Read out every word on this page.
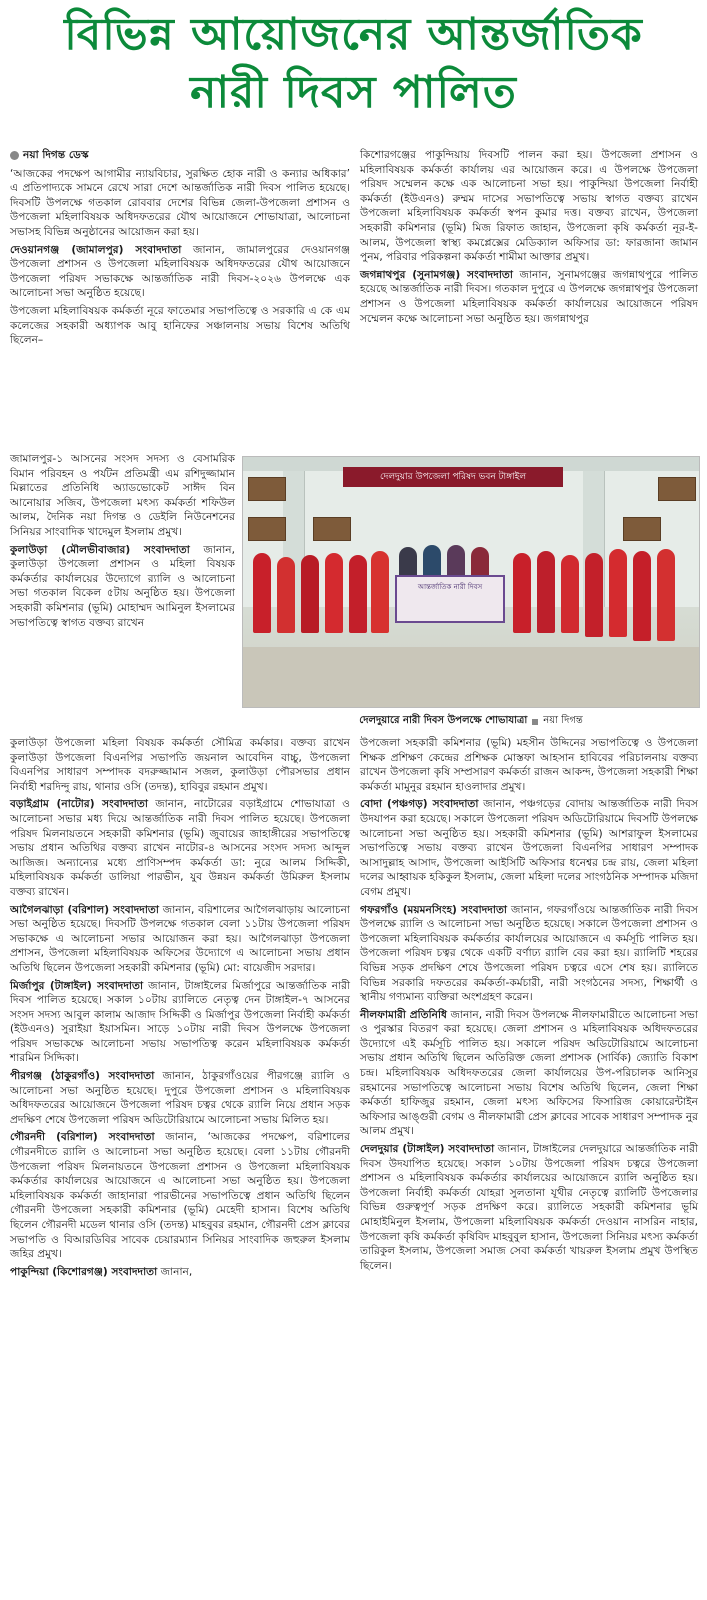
বিভিন্ন আয়োজনের আন্তর্জাতিক
নারী দিবস পালিত
নয়া দিগন্ত ডেস্ক

‘আজকের পদক্ষেপ আগামীর ন্যায়বিচার, সুরক্ষিত হোক নারী ও কন্যার অধিকার’ এ প্রতিপাদ্যকে সামনে রেখে সারা দেশে আন্তর্জাতিক নারী দিবস পালিত হয়েছে। দিবসটি উপলক্ষে গতকাল রোববার দেশের বিভিন্ন জেলা-উপজেলা প্রশাসন ও উপজেলা মহিলাবিষয়ক অধিদফতরের যৌথ আয়োজনে শোভাযাত্রা, আলোচনা সভাসহ বিভিন্ন অনুষ্ঠানের আয়োজন করা হয়।

দেওয়ানগঞ্জ (জামালপুর) সংবাদদাতা জানান, জামালপুরের দেওয়ানগঞ্জ উপজেলা প্রশাসন ও উপজেলা মহিলাবিষয়ক অধিদফতরের যৌথ আয়োজনে উপজেলা পরিষদ সভাকক্ষে আন্তর্জাতিক নারী দিবস-২০২৬ উপলক্ষে এক আলোচনা সভা অনুষ্ঠিত হয়েছে।

উপজেলা মহিলাবিষয়ক কর্মকর্তা নূরে ফাতেমার সভাপতিত্বে ও সরকারি এ কে এম কলেজের সহকারী অধ্যাপক আবু হানিফের সঞ্চালনায় সভায় বিশেষ অতিথি ছিলেন–

জামালপুর-১ আসনের সংসদ সদস্য ও বেসামরিক বিমান পরিবহন ও পর্যটন প্রতিমন্ত্রী এম রশিদুজ্জামান মিল্লাতের প্রতিনিধি অ্যাডভোকেট সাঈদ বিন আনোয়ার সজিব, উপজেলা মৎস্য কর্মকর্তা শফিউল আলম, দৈনিক নয়া দিগন্ত ও ডেইলি নিউনেশনের সিনিয়র সাংবাদিক খাদেমুল ইসলাম প্রমুখ।

কুলাউড়া (মৌলভীবাজার) সংবাদদাতা জানান, কুলাউড়া উপজেলা প্রশাসন ও মহিলা বিষয়ক কর্মকর্তার কার্যালয়ের উদ্যোগে র‌্যালি ও আলোচনা সভা গতকাল বিকেল ৫টায় অনুষ্ঠিত হয়। উপজেলা সহকারী কমিশনার (ভূমি) মোহাম্মদ আমিনুল ইসলামের সভাপতিত্বে স্বাগত বক্তব্য রাখেন

দেলদুয়ার উপজেলা পরিষদ ভবন টাঙ্গাইল
আন্তর্জাতিক নারী দিবস
দেলদুয়ারে নারী দিবস উপলক্ষে শোভাযাত্রা নয়া দিগন্ত

কুলাউড়া উপজেলা মহিলা বিষয়ক কর্মকর্তা সৌমিত্র কর্মকার। বক্তব্য রাখেন কুলাউড়া উপজেলা বিএনপির সভাপতি জয়নাল আবেদিন বাচ্চু, উপজেলা বিএনপির সাধারণ সম্পাদক বদরুজ্জামান সজল, কুলাউড়া পৌরসভার প্রধান নির্বাহী শরদিন্দু রায়, থানার ওসি (তদন্ত), হাবিবুর রহমান প্রমুখ।

বড়াইগ্রাম (নাটোর) সংবাদদাতা জানান, নাটোরের বড়াইগ্রামে শোভাযাত্রা ও আলোচনা সভার মধ্য দিয়ে আন্তর্জাতিক নারী দিবস পালিত হয়েছে। উপজেলা পরিষদ মিলনায়তনে সহকারী কমিশনার (ভূমি) জুবায়ের জাহাঙ্গীরের সভাপতিত্বে সভায় প্রধান অতিথির বক্তব্য রাখেন নাটোর-৪ আসনের সংসদ সদস্য আব্দুল আজিজ। অন্যান্যের মধ্যে প্রাণিসম্পদ কর্মকর্তা ডা: নুরে আলম সিদ্দিকী, মহিলাবিষয়ক কর্মকর্তা ডালিয়া পারভীন, যুব উন্নয়ন কর্মকর্তা উমিরুল ইসলাম বক্তব্য রাখেন।

আগৈলঝাড়া (বরিশাল) সংবাদদাতা জানান, বরিশালের আগৈলঝাড়ায় আলোচনা সভা অনুষ্ঠিত হয়েছে। দিবসটি উপলক্ষে গতকাল বেলা ১১টায় উপজেলা পরিষদ সভাকক্ষে এ আলোচনা সভার আয়োজন করা হয়। আগৈলঝাড়া উপজেলা প্রশাসন, উপজেলা মহিলাবিষয়ক অফিসের উদ্যোগে এ আলোচনা সভায় প্রধান অতিথি ছিলেন উপজেলা সহকারী কমিশনার (ভূমি) মো: বায়েজীদ সরদার।

মির্জাপুর (টাঙ্গাইল) সংবাদদাতা জানান, টাঙ্গাইলের মির্জাপুরে আন্তর্জাতিক নারী দিবস পালিত হয়েছে। সকাল ১০টায় র‌্যালিতে নেতৃত্ব দেন টাঙ্গাইল-৭ আসনের সংসদ সদস্য আবুল কালাম আজাদ সিদ্দিকী ও মির্জাপুর উপজেলা নির্বাহী কর্মকর্তা (ইউএনও) সুরাইয়া ইয়াসমিন। সাড়ে ১০টায় নারী দিবস উপলক্ষে উপজেলা পরিষদ সভাকক্ষে আলোচনা সভায় সভাপতিত্ব করেন মহিলাবিষয়ক কর্মকর্তা শারমিন সিদ্দিকা।

পীরগঞ্জ (ঠাকুরগাঁও) সংবাদদাতা জানান, ঠাকুরগাঁওয়ের পীরগঞ্জে র‌্যালি ও আলোচনা সভা অনুষ্ঠিত হয়েছে। দুপুরে উপজেলা প্রশাসন ও মহিলাবিষয়ক অধিদফতরের আয়োজনে উপজেলা পরিষদ চত্বর থেকে র‌্যালি নিয়ে প্রধান সড়ক প্রদক্ষিণ শেষে উপজেলা পরিষদ অডিটোরিয়ামে আলোচনা সভায় মিলিত হয়।

গৌরনদী (বরিশাল) সংবাদদাতা জানান, ‘আজকের পদক্ষেপ, বরিশালের গৌরনদীতে র‌্যালি ও আলোচনা সভা অনুষ্ঠিত হয়েছে। বেলা ১১টায় গৌরনদী উপজেলা পরিষদ মিলনায়তনে উপজেলা প্রশাসন ও উপজেলা মহিলাবিষয়ক কর্মকর্তার কার্যালয়ের আয়োজনে এ আলোচনা সভা অনুষ্ঠিত হয়। উপজেলা মহিলাবিষয়ক কর্মকর্তা জাহানারা পারভীনের সভাপতিত্বে প্রধান অতিথি ছিলেন গৌরনদী উপজেলা সহকারী কমিশনার (ভূমি) মেহেদী হাসান। বিশেষ অতিথি ছিলেন গৌরনদী মডেল থানার ওসি (তদন্ত) মাহবুবর রহমান, গৌরনদী প্রেস ক্লাবের সভাপতি ও বিআরডিবির সাবেক চেয়ারম্যান সিনিয়র সাংবাদিক জহুরুল ইসলাম জহির প্রমুখ।

পাকুন্দিয়া (কিশোরগঞ্জ) সংবাদদাতা জানান,

কিশোরগঞ্জের পাকুন্দিয়ায় দিবসটি পালন করা হয়। উপজেলা প্রশাসন ও মহিলাবিষয়ক কর্মকর্তা কার্যালয় এর আয়োজন করে। এ উপলক্ষে উপজেলা পরিষদ সম্মেলন কক্ষে এক আলোচনা সভা হয়। পাকুন্দিয়া উপজেলা নির্বাহী কর্মকর্তা (ইউএনও) রুম্মম দাসের সভাপতিত্বে সভায় স্বাগত বক্তব্য রাখেন উপজেলা মহিলাবিষয়ক কর্মকর্তা স্বপন কুমার দত্ত। বক্তব্য রাখেন, উপজেলা সহকারী কমিশনার (ভূমি) মিজ রিফাত জাহান, উপজেলা কৃষি কর্মকর্তা নূর-ই-আলম, উপজেলা স্বাস্থ্য কমপ্লেক্সের মেডিক্যাল অফিসার ডা: ফারজানা জামান পুনম, পরিবার পরিকল্পনা কর্মকর্তা শামীমা আক্তার প্রমুখ।

জগন্নাথপুর (সুনামগঞ্জ) সংবাদদাতা জানান, সুনামগঞ্জের জগন্নাথপুরে পালিত হয়েছে আন্তর্জাতিক নারী দিবস। গতকাল দুপুরে এ উপলক্ষে জগন্নাথপুর উপজেলা প্রশাসন ও উপজেলা মহিলাবিষয়ক কর্মকর্তা কার্যালয়ের আয়োজনে পরিষদ সম্মেলন কক্ষে আলোচনা সভা অনুষ্ঠিত হয়। জগন্নাথপুর

উপজেলা সহকারী কমিশনার (ভূমি) মহসীন উদ্দিনের সভাপতিত্বে ও উপজেলা শিক্ষক প্রশিক্ষণ কেন্দ্রের প্রশিক্ষক মোস্তফা আহসান হাবিবের পরিচালনায় বক্তব্য রাখেন উপজেলা কৃষি সম্প্রসারণ কর্মকর্তা রাজন আকন্দ, উপজেলা সহকারী শিক্ষা কর্মকর্তা মামুনুর রহমান হাওলাদার প্রমুখ।

বোদা (পঞ্চগড়) সংবাদদাতা জানান, পঞ্চগড়ের বোদায় আন্তর্জাতিক নারী দিবস উদযাপন করা হয়েছে। সকালে উপজেলা পরিষদ অডিটোরিয়ামে দিবসটি উপলক্ষে আলোচনা সভা অনুষ্ঠিত হয়। সহকারী কমিশনার (ভূমি) আশরাফুল ইসলামের সভাপতিত্বে সভায় বক্তব্য রাখেন উপজেলা বিএনপির সাধারণ সম্পাদক আসাদুল্লাহ আসাদ, উপজেলা আইসিটি অফিসার ধনেশ্বর চন্দ্র রায়, জেলা মহিলা দলের আহ্বায়ক হকিকুল ইসলাম, জেলা মহিলা দলের সাংগঠনিক সম্পাদক মজিদা বেগম প্রমুখ।

গফরগাঁও (ময়মনসিংহ) সংবাদদাতা জানান, গফরগাঁওয়ে আন্তর্জাতিক নারী দিবস উপলক্ষে র‌্যালি ও আলোচনা সভা অনুষ্ঠিত হয়েছে। সকালে উপজেলা প্রশাসন ও উপজেলা মহিলাবিষয়ক কর্মকর্তার কার্যালয়ের আয়োজনে এ কর্মসূচি পালিত হয়। উপজেলা পরিষদ চত্বর থেকে একটি বর্ণাঢ্য র‌্যালি বের করা হয়। র‌্যালিটি শহরের বিভিন্ন সড়ক প্রদক্ষিণ শেষে উপজেলা পরিষদ চত্বরে এসে শেষ হয়। র‌্যালিতে বিভিন্ন সরকারি দফতরের কর্মকর্তা-কর্মচারী, নারী সংগঠনের সদস্য, শিক্ষার্থী ও স্থানীয় গণ্যমান্য ব্যক্তিরা অংশগ্রহণ করেন।

নীলফামারী প্রতিনিধি জানান, নারী দিবস উপলক্ষে নীলফামারীতে আলোচনা সভা ও পুরস্কার বিতরণ করা হয়েছে। জেলা প্রশাসন ও মহিলাবিষয়ক অধিদফতরের উদ্যোগে এই কর্মসূচি পালিত হয়। সকালে পরিষদ অডিটোরিয়ামে আলোচনা সভায় প্রধান অতিথি ছিলেন অতিরিক্ত জেলা প্রশাসক (সার্বিক) জ্যোতি বিকাশ চন্দ্র। মহিলাবিষয়ক অধিদফতরের জেলা কার্যালয়ের উপ-পরিচালক আনিসুর রহমানের সভাপতিত্বে আলোচনা সভায় বিশেষ অতিথি ছিলেন, জেলা শিক্ষা কর্মকর্তা হাফিজুর রহমান, জেলা মৎস্য অফিসের ফিসারিজ কোয়ারেন্টাইন অফিসার আঙ্গুরী বেগম ও নীলফামারী প্রেস ক্লাবের সাবেক সাধারণ সম্পাদক নুর আলম প্রমুখ।

দেলদুয়ার (টাঙ্গাইল) সংবাদদাতা জানান, টাঙ্গাইলের দেলদুয়ারে আন্তর্জাতিক নারী দিবস উদযাপিত হয়েছে। সকাল ১০টায় উপজেলা পরিষদ চত্বরে উপজেলা প্রশাসন ও মহিলাবিষয়ক কর্মকর্তার কার্যালয়ের আয়োজনে র‌্যালি অনুষ্ঠিত হয়। উপজেলা নির্বাহী কর্মকর্তা যোহরা সুলতানা যূথীর নেতৃত্বে র‌্যালিটি উপজেলার বিভিন্ন গুরুত্বপূর্ণ সড়ক প্রদক্ষিণ করে। র‌্যালিতে সহকারী কমিশনার ভূমি মোহাইমিনুল ইসলাম, উপজেলা মহিলাবিষয়ক কর্মকর্তা দেওয়ান নাসরিন নাহার, উপজেলা কৃষি কর্মকর্তা কৃষিবিদ মাহবুবুল হাসান, উপজেলা সিনিয়র মৎস্য কর্মকর্তা তারিকুল ইসলাম, উপজেলা সমাজ সেবা কর্মকর্তা খায়রুল ইসলাম প্রমুখ উপস্থিত ছিলেন।
